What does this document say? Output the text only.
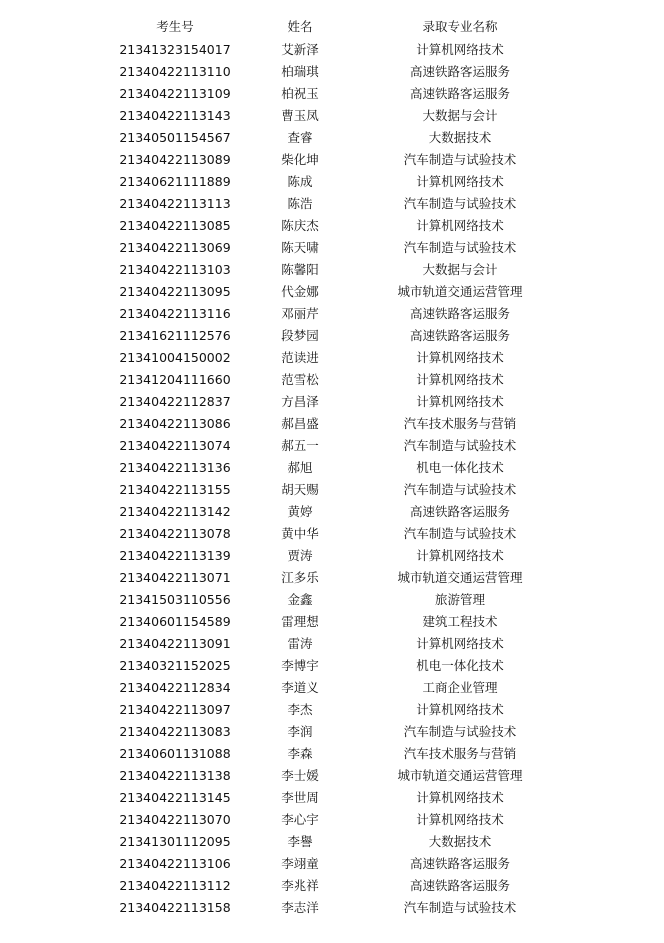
考生号	姓名	录取专业名称
21341323154017	艾新泽	计算机网络技术
21340422113110	柏瑞琪	高速铁路客运服务
21340422113109	柏祝玉	高速铁路客运服务
21340422113143	曹玉凤	大数据与会计
21340501154567	查睿	大数据技术
21340422113089	柴化坤	汽车制造与试验技术
21340621111889	陈成	计算机网络技术
21340422113113	陈浩	汽车制造与试验技术
21340422113085	陈庆杰	计算机网络技术
21340422113069	陈天啸	汽车制造与试验技术
21340422113103	陈馨阳	大数据与会计
21340422113095	代金娜	城市轨道交通运营管理
21340422113116	邓丽芹	高速铁路客运服务
21341621112576	段梦园	高速铁路客运服务
21341004150002	范读进	计算机网络技术
21341204111660	范雪松	计算机网络技术
21340422112837	方昌泽	计算机网络技术
21340422113086	郝昌盛	汽车技术服务与营销
21340422113074	郝五一	汽车制造与试验技术
21340422113136	郝旭	机电一体化技术
21340422113155	胡天赐	汽车制造与试验技术
21340422113142	黄婷	高速铁路客运服务
21340422113078	黄中华	汽车制造与试验技术
21340422113139	贾涛	计算机网络技术
21340422113071	江多乐	城市轨道交通运营管理
21341503110556	金鑫	旅游管理
21340601154589	雷理想	建筑工程技术
21340422113091	雷涛	计算机网络技术
21340321152025	李博宇	机电一体化技术
21340422112834	李道义	工商企业管理
21340422113097	李杰	计算机网络技术
21340422113083	李润	汽车制造与试验技术
21340601131088	李森	汽车技术服务与营销
21340422113138	李士媛	城市轨道交通运营管理
21340422113145	李世周	计算机网络技术
21340422113070	李心宇	计算机网络技术
21341301112095	李譽	大数据技术
21340422113106	李翊童	高速铁路客运服务
21340422113112	李兆祥	高速铁路客运服务
21340422113158	李志洋	汽车制造与试验技术
